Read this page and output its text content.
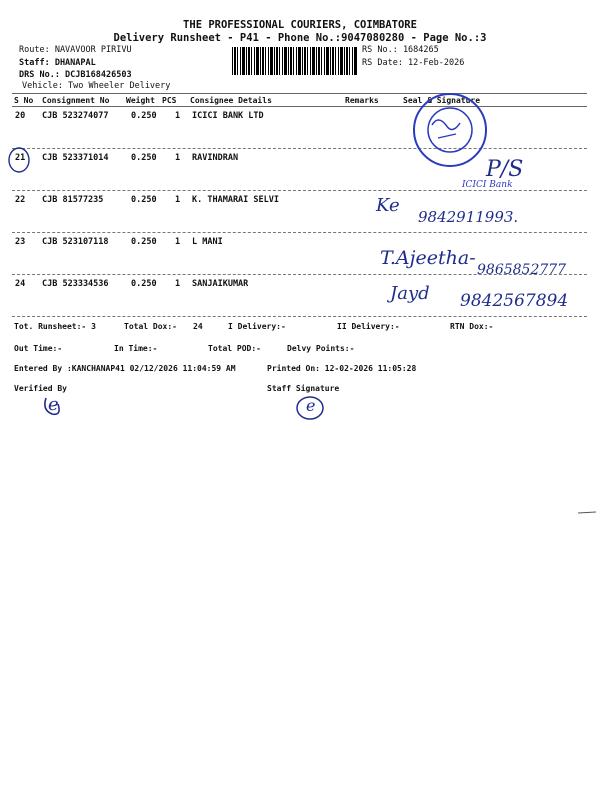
THE PROFESSIONAL COURIERS, COIMBATORE
Delivery Runsheet - P41 - Phone No.:9047080280 - Page No.:3
Route: NAVAVOOR PIRIVU
Staff: DHANAPAL
DRS No.: DCJB168426503
Vehicle: Two Wheeler Delivery
RS No.: 1684265
RS Date: 12-Feb-2026
S No Consignment No Weight PCS Consignee Details	Remarks	Seal & Signature
20 CJB 523274077	0.250 1 ICICI BANK LTD
21 CJB 523371014	0.250 1 RAVINDRAN
22 CJB 81577235	0.250 1 K. THAMARAI SELVI
23 CJB 523107118	0.250 1 L MANI
24 CJB 523334536	0.250 1 SANJAIKUMAR
ICICI Bank
P/S
Ke
9842911993.
T.Ajeetha-
9865852777
Jayd 9842567894
Tot. Runsheet:- 3	Total Dox:- 24	I Delivery:-	II Delivery:-	RTN Dox:-
Out Time:-	In Time:-	Total POD:-	Delvy Points:-
Entered By :KANCHANAP41 02/12/2026 11:04:59 AM	Printed On: 12-02-2026 11:05:28
Verified By	Staff Signature
e	e
